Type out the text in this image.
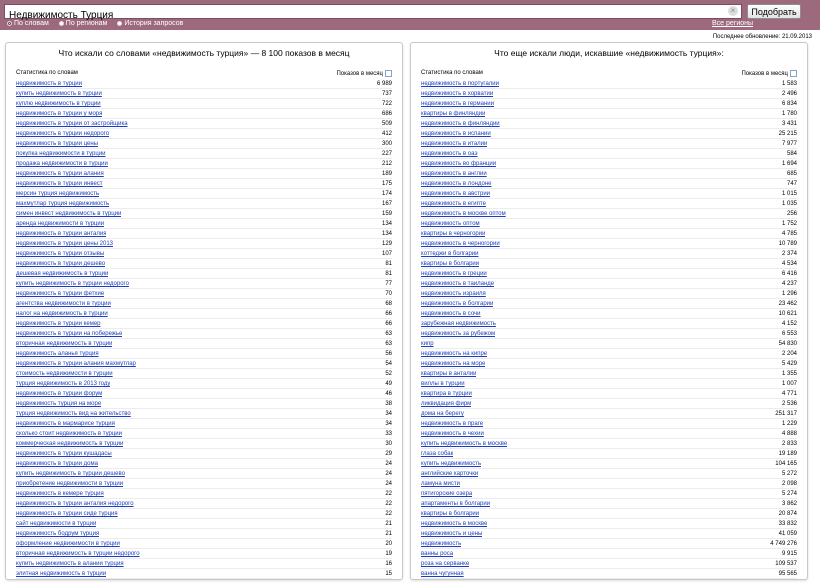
Недвижимость Турция
×	Подобрать
По словам По регионам История запросов	Все регионы
Последнее обновление: 21.09.2013
Что искали со словами «недвижимость турция» — 8 100 показов в месяц
Статистика по словам	Показов в месяц
недвижимость в турции	6 989
купить недвижимость в турции	737
куплю недвижимость в турции	722
недвижимость в турции у моря	686
недвижимость в турции от застройщика	509
недвижимость в турции недорого	412
недвижимость в турции цены	300
покупка недвижимости в турции	227
продажа недвижимости в турции	212
недвижимость в турции алания	189
недвижимость в турции инвест	175
мерсин турция недвижимость	174
махмутлар турция недвижимость	167
симен инвест недвижимость в турции	159
аренда недвижимости в турции	134
недвижимость в турции анталия	134
недвижимость в турции цены 2013	129
недвижимость в турции отзывы	107
недвижимость в турции дешево	81
дешевая недвижимость в турции	81
купить недвижимость в турции недорого	77
недвижимость в турции фетхие	70
агентства недвижимости в турции	68
налог на недвижимость в турции	66
недвижимость в турции кемер	66
недвижимость в турции на побережье	63
вторичная недвижимость в турции	63
недвижимость аланья турция	56
недвижимость в турции алания махмутлар	54
стоимость недвижимости в турции	52
турция недвижимость в 2013 году	49
недвижимость в турции форум	46
недвижимость турция на море	38
турция недвижимость вид на жительство	34
недвижимость в мармарисе турция	34
сколько стоит недвижимость в турции	33
коммерческая недвижимость в турции	30
недвижимость в турции кушадасы	29
недвижимость в турции дома	24
купить недвижимость в турции дешево	24
приобретение недвижимости в турции	24
недвижимость в кемере турция	22
недвижимость в турции анталия недорого	22
недвижимость в турции сиде турция	22
сайт недвижимости в турции	21
недвижимость бодрум турция	21
оформление недвижимости в турции	20
вторичная недвижимость в турции недорого	19
купить недвижимость в алании турция	16
элитная недвижимость в турции	15
Что еще искали люди, искавшие «недвижимость турция»:
Статистика по словам	Показов в месяц
недвижимость в португалии	1 583
недвижимость в хорватии	2 496
недвижимость в германии	6 834
квартиры в финляндии	1 780
недвижимость в финляндии	3 431
недвижимость в испании	25 215
недвижимость в италии	7 977
недвижимость в оаэ	584
недвижимость во франции	1 694
недвижимость в англии	685
недвижимость в лондоне	747
недвижимость в австрии	1 015
недвижимость в египте	1 035
недвижимость в москве оптом	256
недвижимость оптом	1 752
квартиры в черногории	4 785
недвижимость в черногории	10 789
коттеджи в болгарии	2 374
квартиры в болгарии	4 534
недвижимость в греции	6 416
недвижимость в таиланде	4 237
недвижимость израиля	1 296
недвижимость в болгарии	23 462
недвижимость в сочи	10 621
зарубежная недвижимость	4 152
недвижимость за рубежом	6 553
кипр	54 830
недвижимость на кипре	2 204
недвижимость на море	5 429
квартиры в анталии	1 355
виллы в турции	1 007
квартира в турции	4 771
ликвидация фирм	2 536
дома на берегу	251 317
недвижимость в праге	1 229
недвижимость в чехии	4 888
купить недвижимость в москве	2 833
глаза собак	19 189
купить недвижимость	104 165
английские карточки	5 272
ламуна мисти	2 098
пятигорские озера	5 274
апартаменты в болгарии	3 862
квартиры в болгарии	20 874
недвижимость в москве	33 832
недвижимость и цены	41 059
недвижимость	4 749 276
ванны роса	9 915
роза на серванке	109 537
ванна чугунная	95 565
